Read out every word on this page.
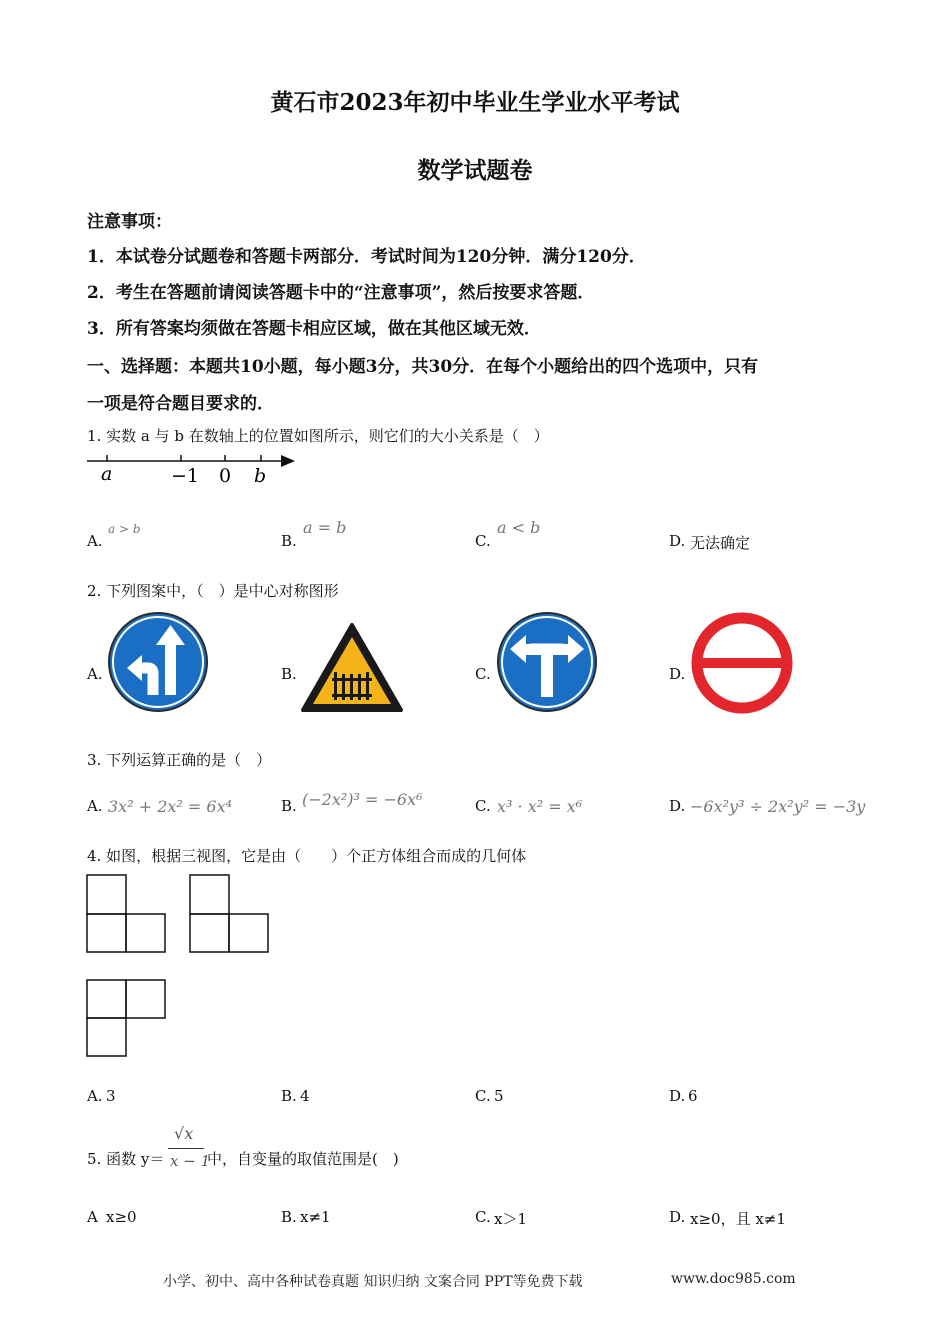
黄石市2023年初中毕业生学业水平考试
数学试题卷
注意事项：
1．本试卷分试题卷和答题卡两部分．考试时间为120分钟．满分120分．
2．考生在答题前请阅读答题卡中的“注意事项”，然后按要求答题．
3．所有答案均须做在答题卡相应区域，做在其他区域无效．
一、选择题：本题共10小题，每小题3分，共30分．在每个小题给出的四个选项中，只有
一项是符合题目要求的．
1. 实数 a 与 b 在数轴上的位置如图所示，则它们的大小关系是（　）
a	−1 0 b
A.
a > b
B.
a = b
C.
a < b
D. 无法确定
2. 下列图案中，（　）是中心对称图形
A.	B.	C.	D.
3. 下列运算正确的是（　）
A. 3x² + 2x² = 6x⁴	B. (−2x²)³ = −6x⁶	C. x³ · x² = x⁶	D. −6x²y³ ÷ 2x²y² = −3y
4. 如图，根据三视图，它是由（　　）个正方体组合而成的几何体
A. 3	B. 4	C. 5	D. 6
5. 函数 y＝
√x
x − 1
中，自变量的取值范围是(　)
A x≥0	B. x≠1	C. x＞1	D. x≥0，且 x≠1
小学、初中、高中各种试卷真题 知识归纳 文案合同 PPT等免费下载	www.doc985.com
